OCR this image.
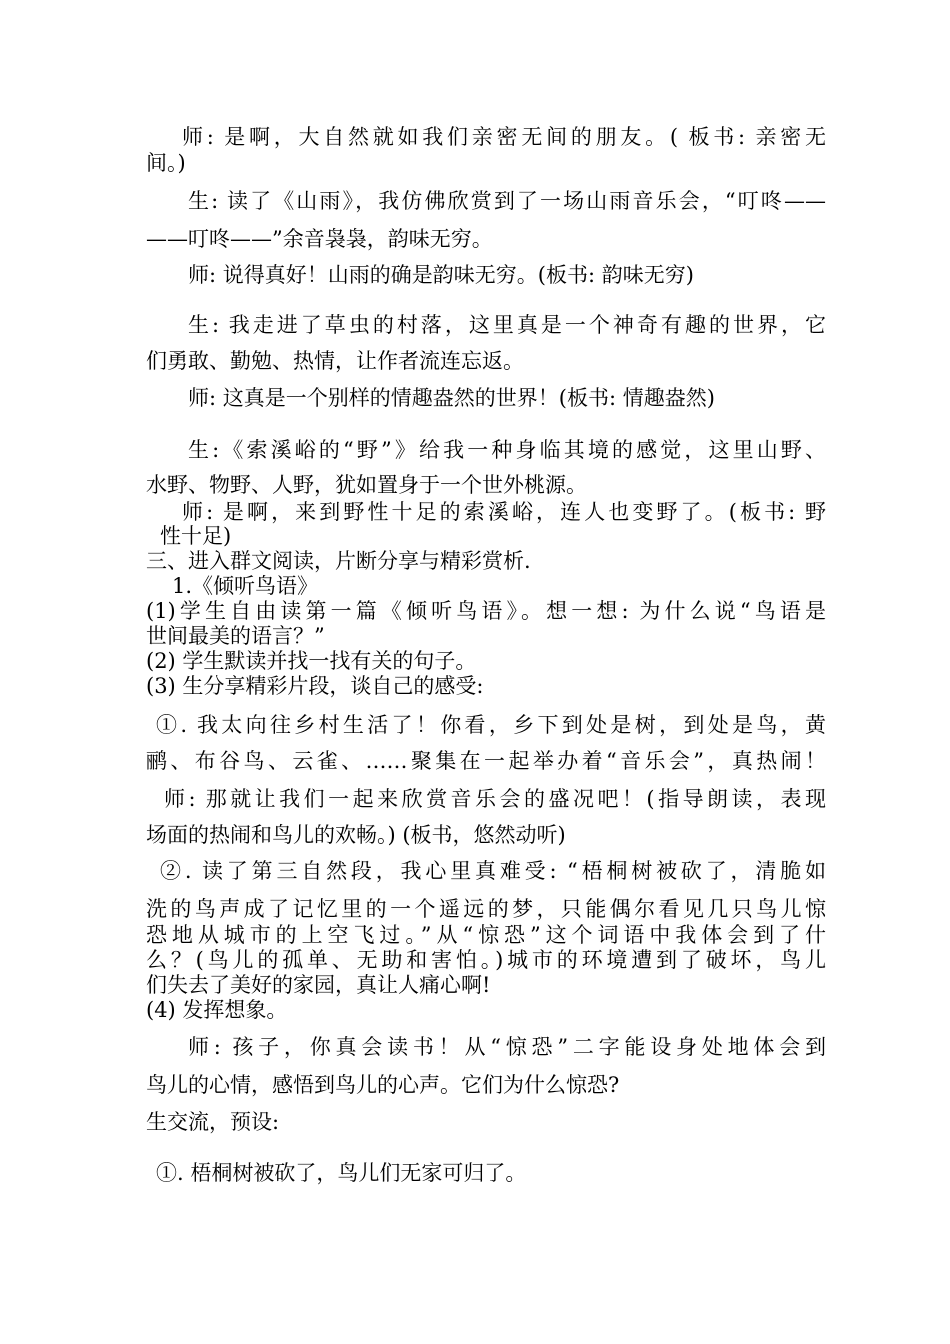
师: 是啊，大自然就如我们亲密无间的朋友。( 板书: 亲密无
间。)
生: 读了《山雨》，我仿佛欣赏到了一场山雨音乐会，“叮咚——
——叮咚——”余音袅袅，韵味无穷。
师: 说得真好！山雨的确是韵味无穷。(板书: 韵味无穷)
生: 我走进了草虫的村落，这里真是一个神奇有趣的世界，它
们勇敢、勤勉、热情，让作者流连忘返。
师: 这真是一个别样的情趣盎然的世界！(板书: 情趣盎然)
生:《索溪峪的“野”》给我一种身临其境的感觉，这里山野、
水野、物野、人野，犹如置身于一个世外桃源。
师: 是啊，来到野性十足的索溪峪，连人也变野了。(板书: 野
性十足)
三、进入群文阅读，片断分享与精彩赏析.
1.《倾听鸟语》
(1)学生自由读第一篇《倾听鸟语》。想一想: 为什么说“鸟语是
世间最美的语言？”
(2) 学生默读并找一找有关的句子。
(3) 生分享精彩片段，谈自己的感受:
①. 我太向往乡村生活了！你看，乡下到处是树，到处是鸟，黄
鹂、布谷鸟、云雀、……聚集在一起举办着“音乐会”，真热闹！
师: 那就让我们一起来欣赏音乐会的盛况吧！(指导朗读，表现
场面的热闹和鸟儿的欢畅。) (板书，悠然动听)
②. 读了第三自然段，我心里真难受: “梧桐树被砍了，清脆如
洗的鸟声成了记忆里的一个遥远的梦，只能偶尔看见几只鸟儿惊
恐地从城市的上空飞过。”从“惊恐”这个词语中我体会到了什
么？(鸟儿的孤单、无助和害怕。)城市的环境遭到了破坏，鸟儿
们失去了美好的家园，真让人痛心啊!
(4) 发挥想象。
师: 孩子，你真会读书！从“惊恐”二字能设身处地体会到
鸟儿的心情，感悟到鸟儿的心声。它们为什么惊恐?
生交流，预设:
①. 梧桐树被砍了，鸟儿们无家可归了。
